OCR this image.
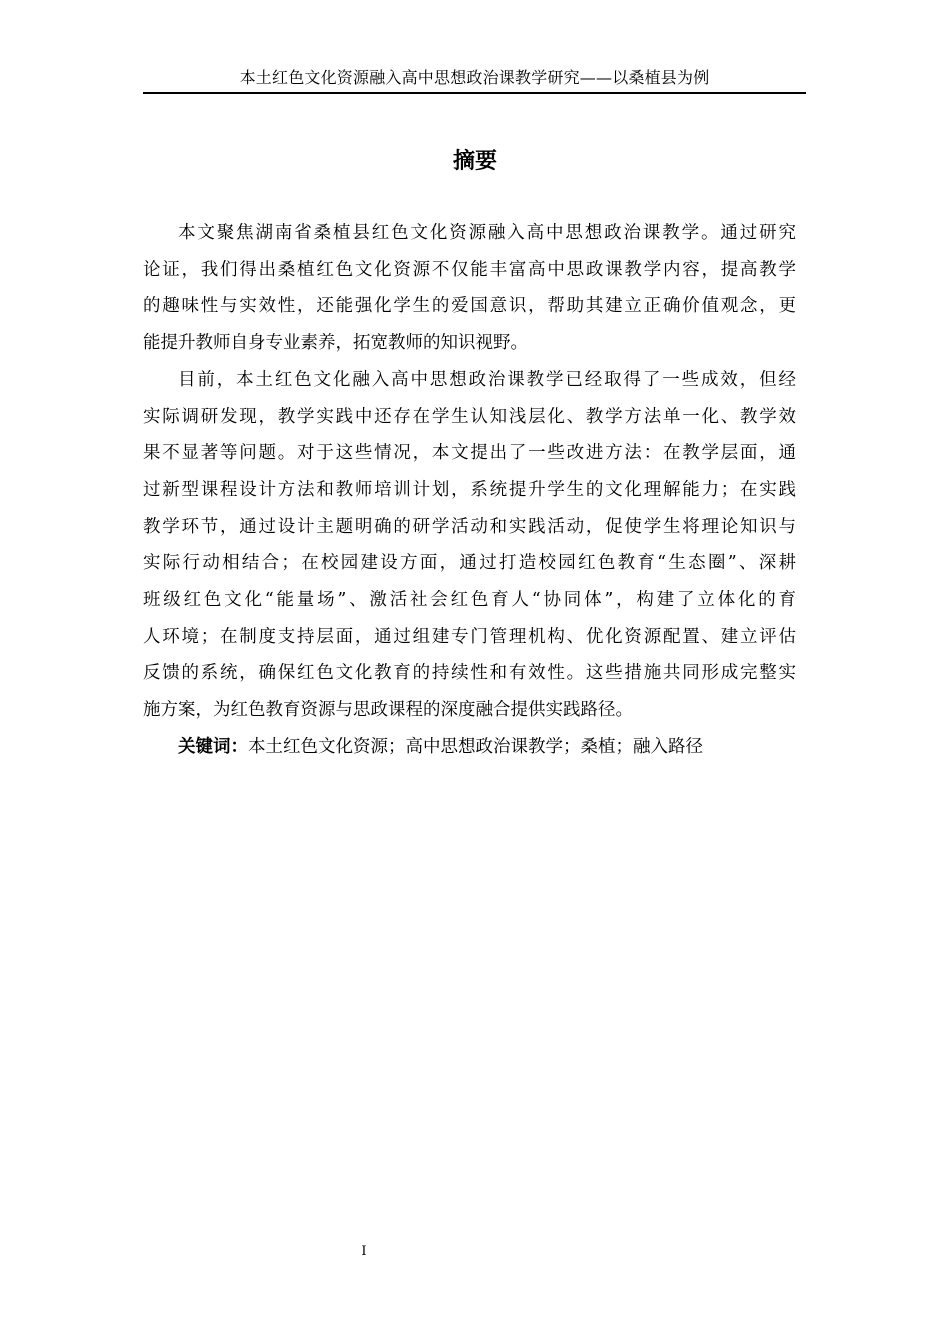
本土红色文化资源融入高中思想政治课教学研究——以桑植县为例
摘要

本文聚焦湖南省桑植县红色文化资源融入高中思想政治课教学。通过研究
论证，我们得出桑植红色文化资源不仅能丰富高中思政课教学内容，提高教学
的趣味性与实效性，还能强化学生的爱国意识，帮助其建立正确价值观念，更
能提升教师自身专业素养，拓宽教师的知识视野。

目前，本土红色文化融入高中思想政治课教学已经取得了一些成效，但经
实际调研发现，教学实践中还存在学生认知浅层化、教学方法单一化、教学效
果不显著等问题。对于这些情况，本文提出了一些改进方法：在教学层面，通
过新型课程设计方法和教师培训计划，系统提升学生的文化理解能力；在实践
教学环节，通过设计主题明确的研学活动和实践活动，促使学生将理论知识与
实际行动相结合；在校园建设方面，通过打造校园红色教育“生态圈”、深耕
班级红色文化“能量场”、激活社会红色育人“协同体”，构建了立体化的育
人环境；在制度支持层面，通过组建专门管理机构、优化资源配置、建立评估
反馈的系统，确保红色文化教育的持续性和有效性。这些措施共同形成完整实
施方案，为红色教育资源与思政课程的深度融合提供实践路径。

关键词：本土红色文化资源；高中思想政治课教学；桑植；融入路径

I
